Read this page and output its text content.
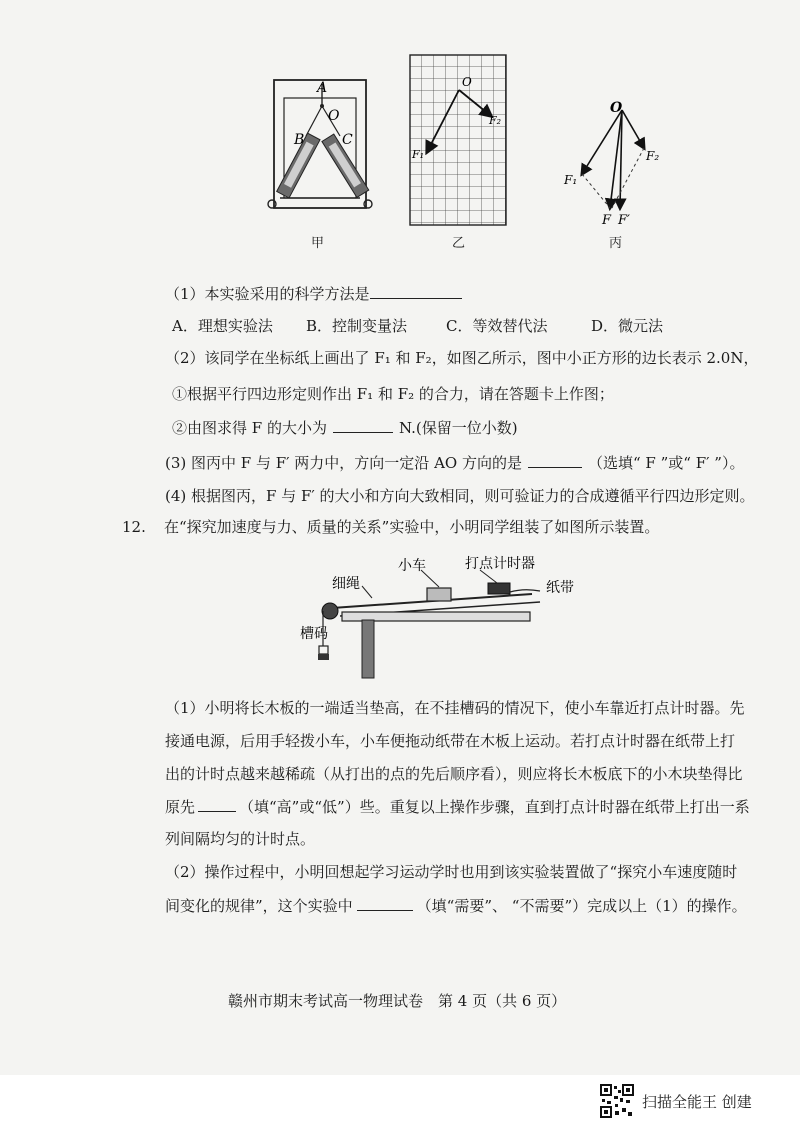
A
O
B	C
甲
O
F₂
F₁
乙
O
F₂
F₁
F F′
丙
（1）本实验采用的科学方法是
A．理想实验法 B．控制变量法	C．等效替代法	D．微元法
（2）该同学在坐标纸上画出了 F₁ 和 F₂，如图乙所示，图中小正方形的边长表示 2.0N，
①根据平行四边形定则作出 F₁ 和 F₂ 的合力，请在答题卡上作图；
②由图求得 F 的大小为	N.(保留一位小数)
(3) 图丙中 F 与 F′ 两力中，方向一定沿 AO 方向的是	（选填“ F ”或“ F′ ”）。
(4) 根据图丙，F 与 F′ 的大小和方向大致相同，则可验证力的合成遵循平行四边形定则。
12. 在“探究加速度与力、质量的关系”实验中，小明同学组装了如图所示装置。
小车	打点计时器
细绳	纸带
槽码
（1）小明将长木板的一端适当垫高，在不挂槽码的情况下，使小车靠近打点计时器。先
接通电源，后用手轻拨小车，小车便拖动纸带在木板上运动。若打点计时器在纸带上打
出的计时点越来越稀疏（从打出的点的先后顺序看），则应将长木板底下的小木块垫得比
原先	（填“高”或“低”）些。重复以上操作步骤，直到打点计时器在纸带上打出一系
列间隔均匀的计时点。
（2）操作过程中，小明回想起学习运动学时也用到该实验装置做了“探究小车速度随时
间变化的规律”，这个实验中	（填“需要”、 “不需要”）完成以上（1）的操作。
赣州市期末考试高一物理试卷　第 4 页（共 6 页）
扫描全能王 创建
